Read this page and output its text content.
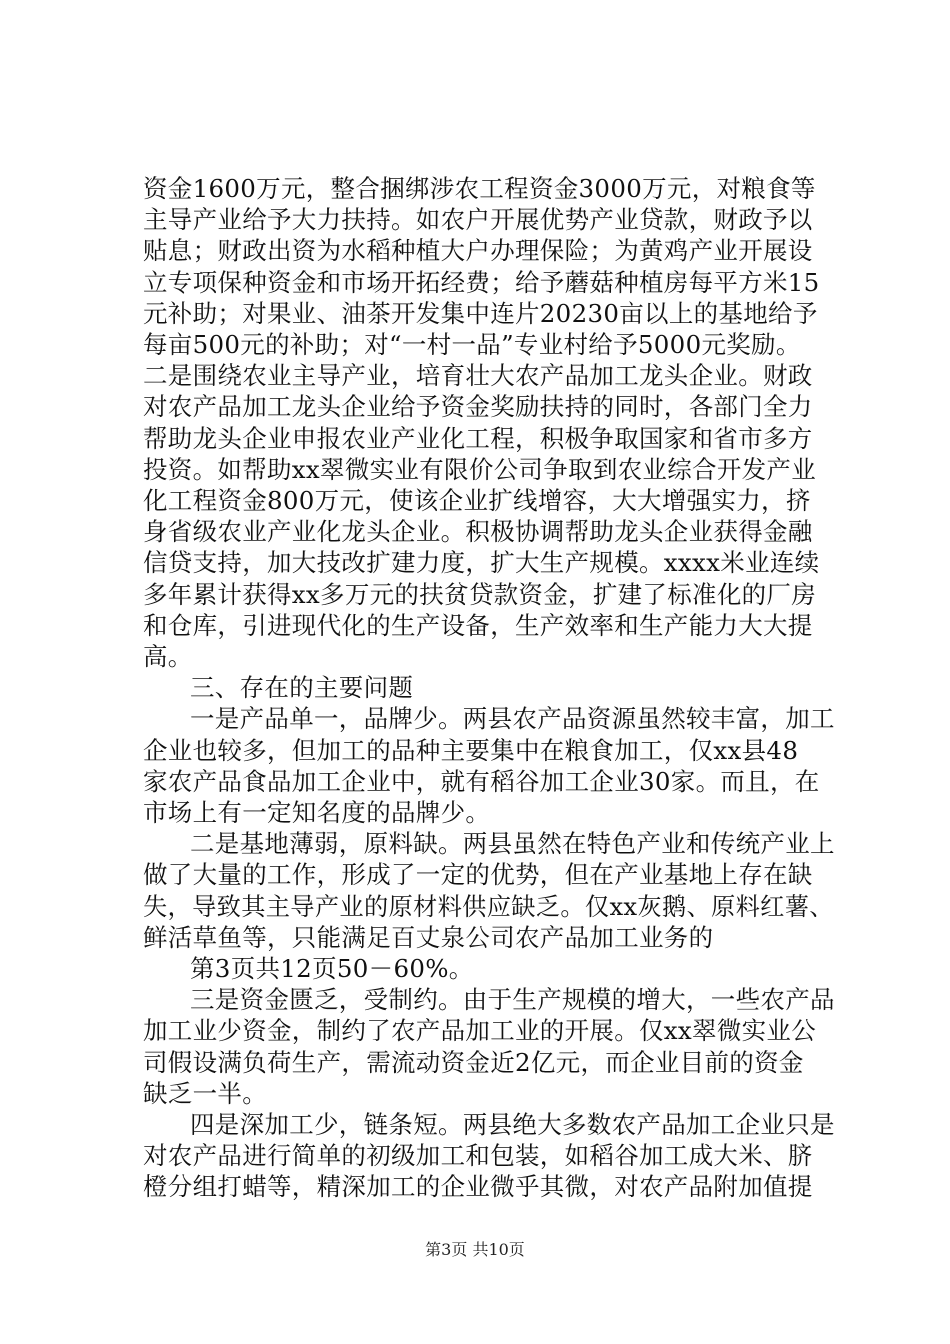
资金1600万元，整合捆绑涉农工程资金3000万元，对粮食等
主导产业给予大力扶持。如农户开展优势产业贷款，财政予以
贴息；财政出资为水稻种植大户办理保险；为黄鸡产业开展设
立专项保种资金和市场开拓经费；给予蘑菇种植房每平方米15
元补助；对果业、油茶开发集中连片20230亩以上的基地给予
每亩500元的补助；对“一村一品”专业村给予5000元奖励。
二是围绕农业主导产业，培育壮大农产品加工龙头企业。财政
对农产品加工龙头企业给予资金奖励扶持的同时，各部门全力
帮助龙头企业申报农业产业化工程，积极争取国家和省市多方
投资。如帮助xx翠微实业有限价公司争取到农业综合开发产业
化工程资金800万元，使该企业扩线增容，大大增强实力，挤
身省级农业产业化龙头企业。积极协调帮助龙头企业获得金融
信贷支持，加大技改扩建力度，扩大生产规模。xxxx米业连续
多年累计获得xx多万元的扶贫贷款资金，扩建了标准化的厂房
和仓库，引进现代化的生产设备，生产效率和生产能力大大提
高。
三、存在的主要问题
一是产品单一，品牌少。两县农产品资源虽然较丰富，加工
企业也较多，但加工的品种主要集中在粮食加工，仅xx县48
家农产品食品加工企业中，就有稻谷加工企业30家。而且，在
市场上有一定知名度的品牌少。
二是基地薄弱，原料缺。两县虽然在特色产业和传统产业上
做了大量的工作，形成了一定的优势，但在产业基地上存在缺
失，导致其主导产业的原材料供应缺乏。仅xx灰鹅、原料红薯、
鲜活草鱼等，只能满足百丈泉公司农产品加工业务的
第3页共12页50－60%。
三是资金匮乏，受制约。由于生产规模的增大，一些农产品
加工业少资金，制约了农产品加工业的开展。仅xx翠微实业公
司假设满负荷生产，需流动资金近2亿元，而企业目前的资金
缺乏一半。
四是深加工少，链条短。两县绝大多数农产品加工企业只是
对农产品进行简单的初级加工和包装，如稻谷加工成大米、脐
橙分组打蜡等，精深加工的企业微乎其微，对农产品附加值提
第3页 共10页
